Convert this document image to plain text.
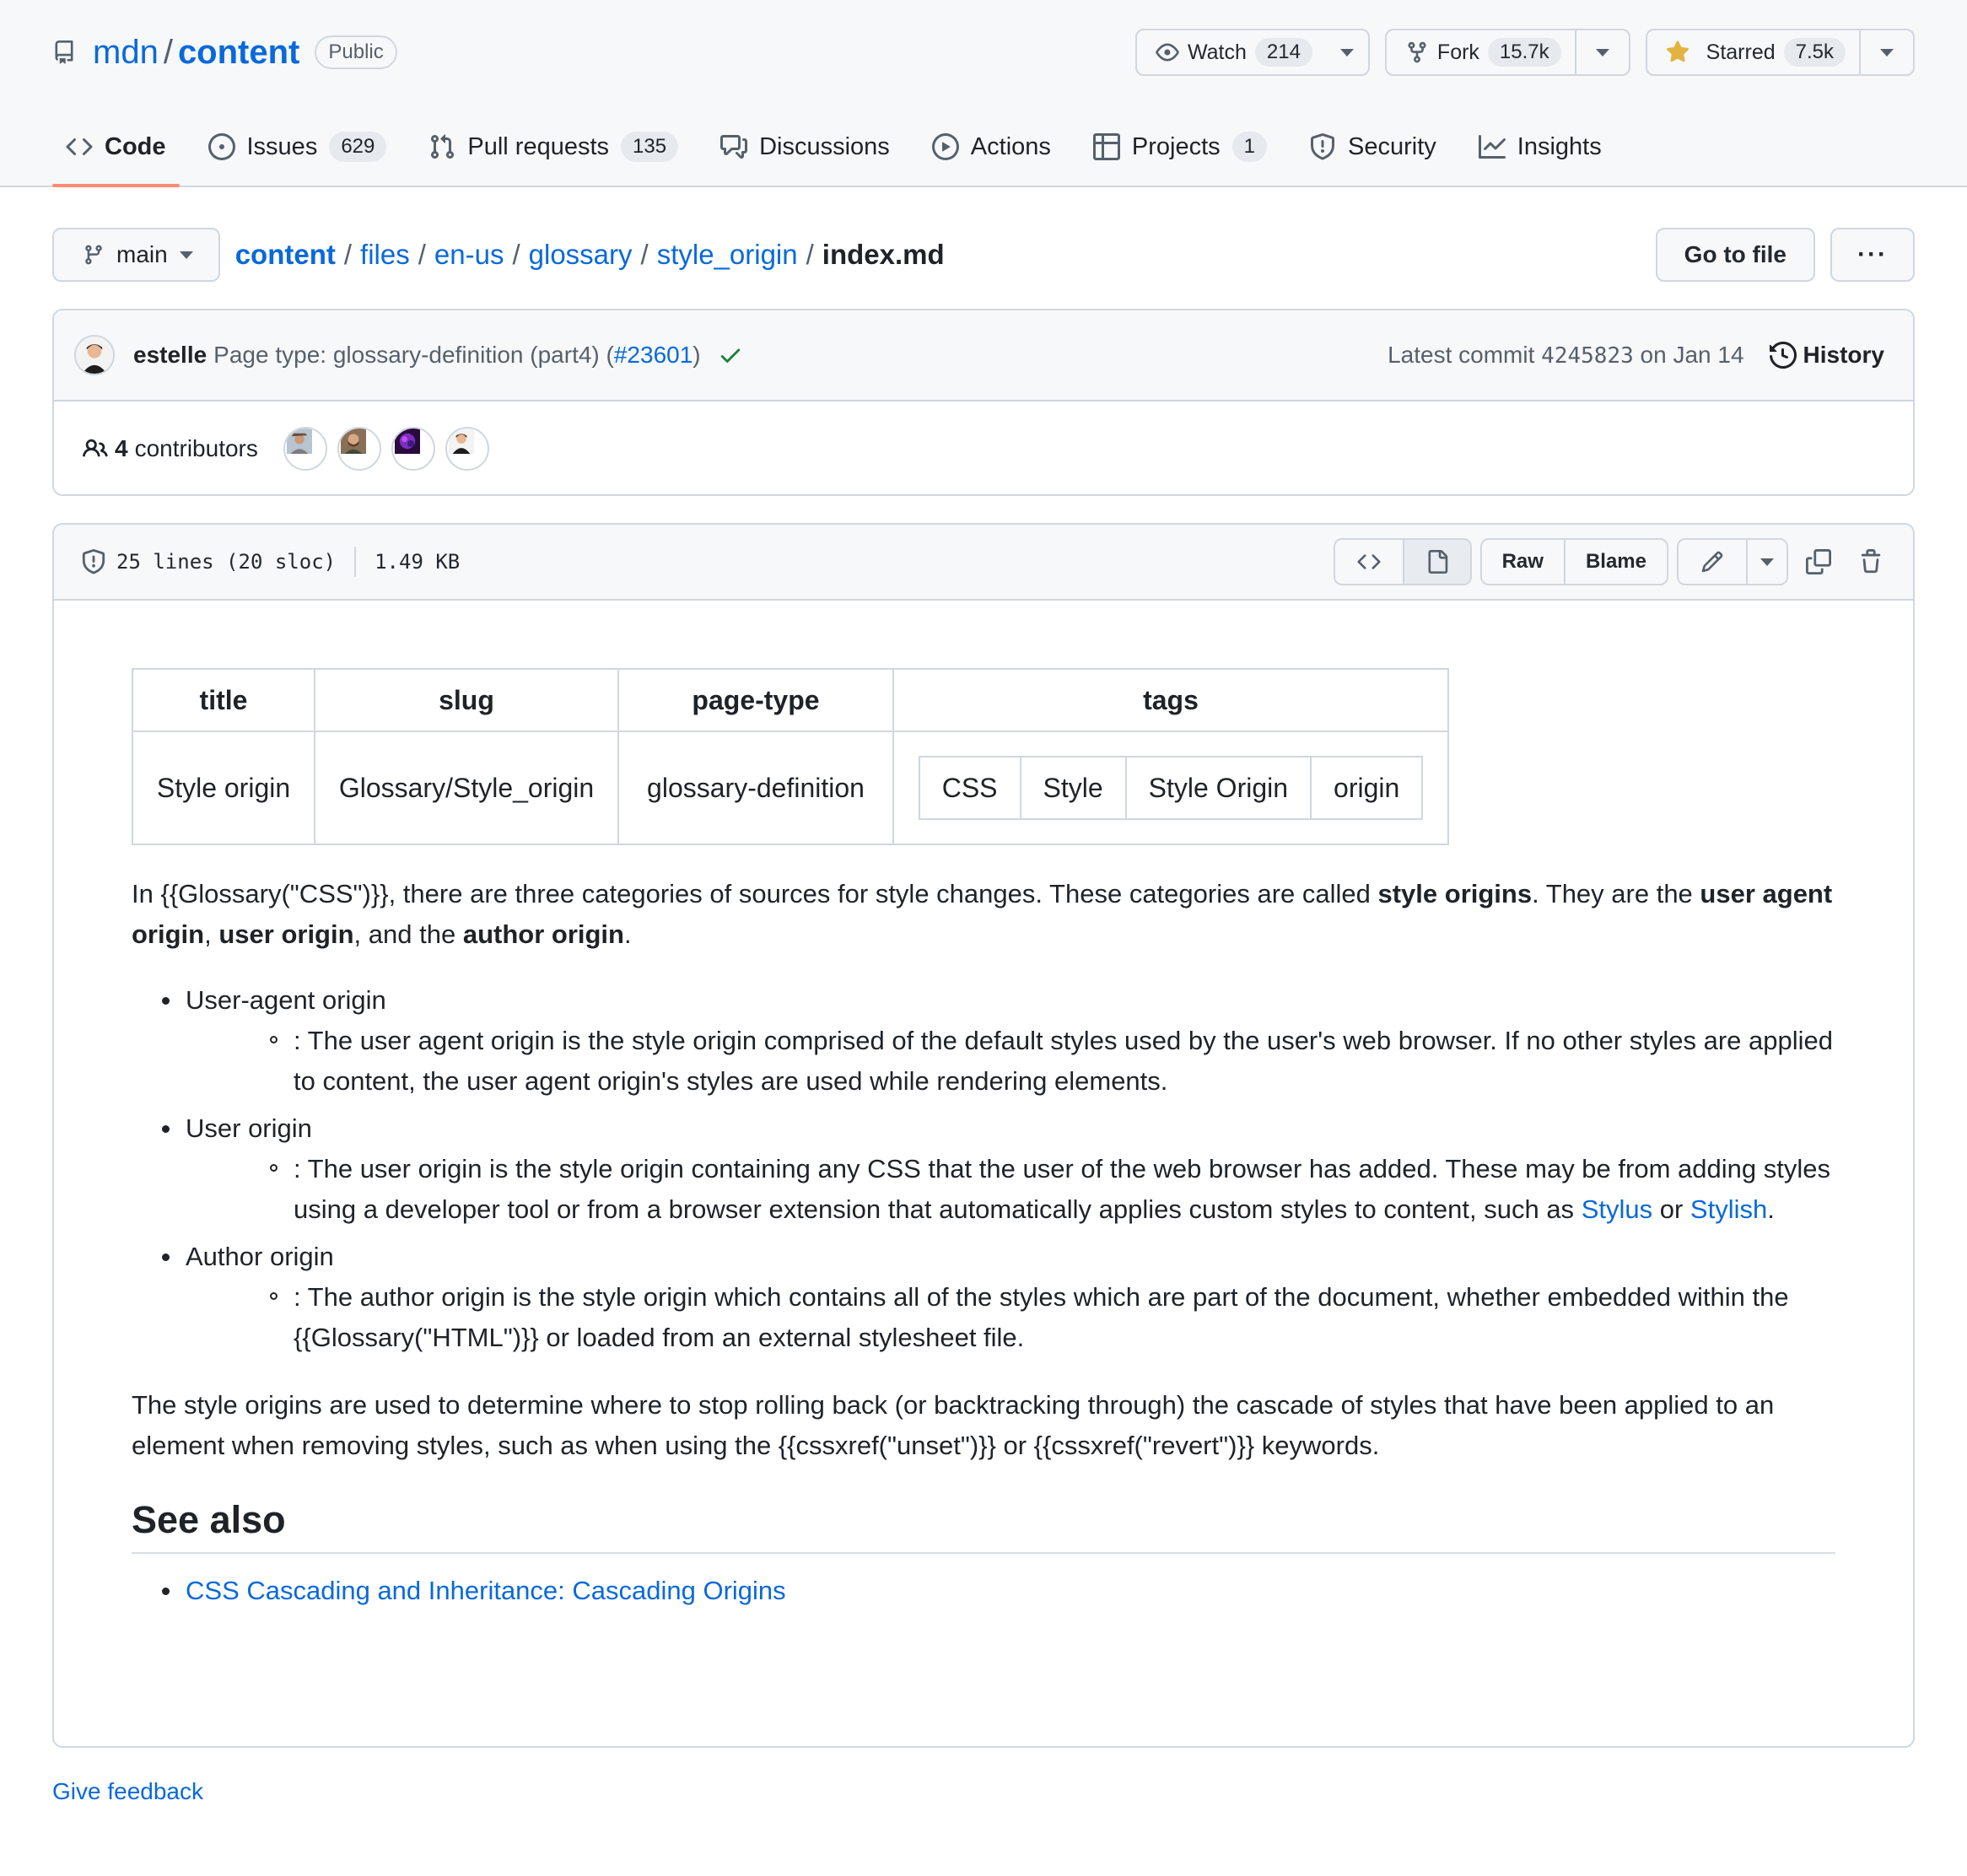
mdn / content	Public	Watch	214	Fork	15.7k	Starred	7.5k
Code	Issues	629	Pull requests	135	Discussions	Actions	Projects	1	Security	Insights
main content / files / en-us / glossary / style_origin / index.md	Go to file	···
estelle Page type: glossary-definition (part4) (#23601)	Latest commit 4245823 on Jan 14	History
4 contributors
25 lines (20 sloc) 1.49 KB	Raw	Blame
title	slug	page-type	tags
Style origin	Glossary/Style_origin	glossary-definition		CSS	Style	Style Origin	origin

In {{Glossary("CSS")}}, there are three categories of sources for style changes. These categories are called style origins. They are the user agent origin, user origin, and the author origin.

User-agent origin
: The user agent origin is the style origin comprised of the default styles used by the user's web browser. If no other styles are applied to content, the user agent origin's styles are used while rendering elements.
User origin
: The user origin is the style origin containing any CSS that the user of the web browser has added. These may be from adding styles using a developer tool or from a browser extension that automatically applies custom styles to content, such as Stylus or Stylish.
Author origin
: The author origin is the style origin which contains all of the styles which are part of the document, whether embedded within the {{Glossary("HTML")}} or loaded from an external stylesheet file.

The style origins are used to determine where to stop rolling back (or backtracking through) the cascade of styles that have been applied to an element when removing styles, such as when using the {{cssxref("unset")}} or {{cssxref("revert")}} keywords.

See also
CSS Cascading and Inheritance: Cascading Origins
Give feedback
